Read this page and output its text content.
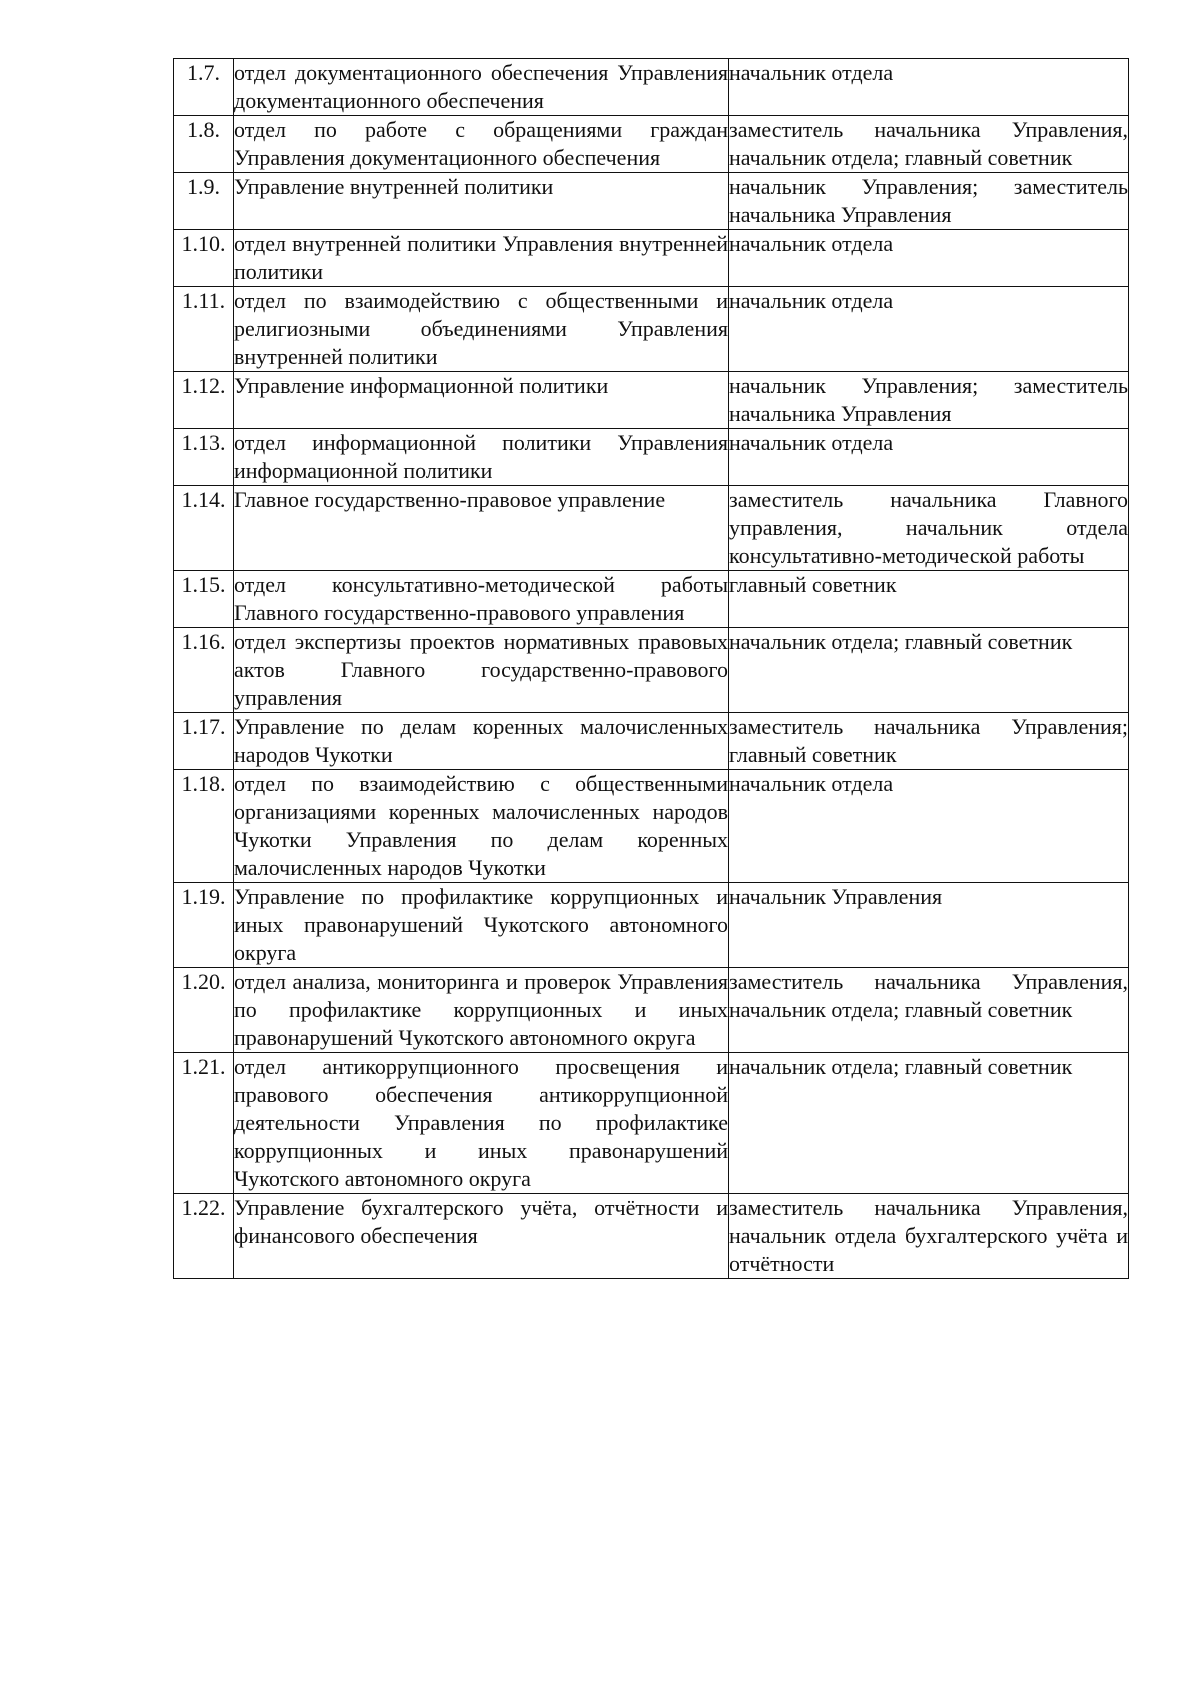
1.7.	отдел документационного обеспечения Управления документационного обеспечения	начальник отдела

1.8.	отдел по работе с обращениями граждан Управления документационного обеспечения	заместитель начальника Управления, начальник отдела; главный советник

1.9.	Управление внутренней политики	начальник Управления; заместитель начальника Управления

1.10.	отдел внутренней политики Управления внутренней политики	начальник отдела

1.11.	отдел по взаимодействию с общественными и религиозными объединениями Управления внутренней политики	начальник отдела

1.12.	Управление информационной политики	начальник Управления; заместитель начальника Управления

1.13.	отдел информационной политики Управления информационной политики	начальник отдела

1.14.	Главное государственно-правовое управление	заместитель начальника Главного управления, начальник отдела консультативно-методической работы

1.15.	отдел консультативно-методической работы Главного государственно-правового управления	главный советник

1.16.	отдел экспертизы проектов нормативных правовых актов Главного государственно-правового управления	начальник отдела; главный советник

1.17.	Управление по делам коренных малочисленных народов Чукотки	заместитель начальника Управления; главный советник

1.18.	отдел по взаимодействию с общественными организациями коренных малочисленных народов Чукотки Управления по делам коренных малочисленных народов Чукотки	начальник отдела

1.19.	Управление по профилактике коррупционных и иных правонарушений Чукотского автономного округа	начальник Управления

1.20.	отдел анализа, мониторинга и проверок Управления по профилактике коррупционных и иных правонарушений Чукотского автономного округа	заместитель начальника Управления, начальник отдела; главный советник

1.21.	отдел антикоррупционного просвещения и правового обеспечения антикоррупционной деятельности Управления по профилактике коррупционных и иных правонарушений Чукотского автономного округа	начальник отдела; главный советник

1.22.	Управление бухгалтерского учёта, отчётности и финансового обеспечения	заместитель начальника Управления, начальник отдела бухгалтерского учёта и отчётности
